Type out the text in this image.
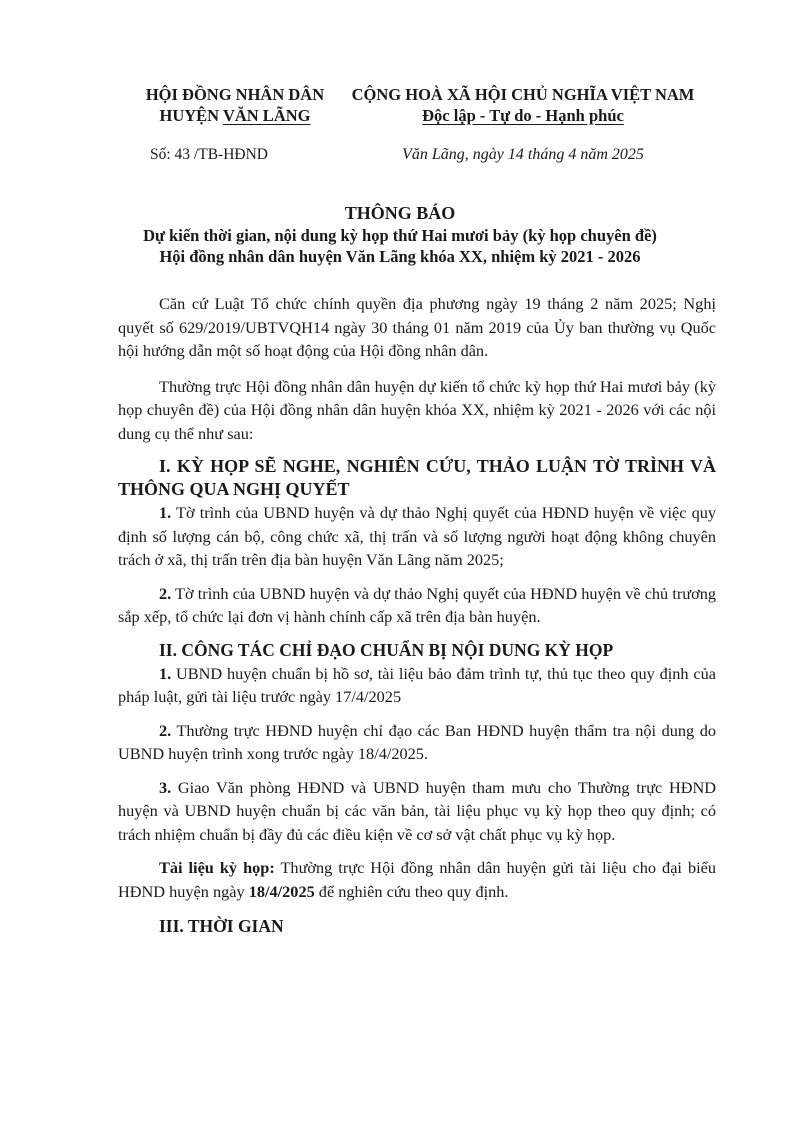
HỘI ĐỒNG NHÂN DÂN
HUYỆN VĂN LÃNG
CỘNG HOÀ XÃ HỘI CHỦ NGHĨA VIỆT NAM
Độc lập - Tự do - Hạnh phúc
Số: 43 /TB-HĐND	Văn Lãng, ngày 14 tháng 4 năm 2025
THÔNG BÁO
Dự kiến thời gian, nội dung kỳ họp thứ Hai mươi bảy (kỳ họp chuyên đề)
Hội đồng nhân dân huyện Văn Lãng khóa XX, nhiệm kỳ 2021 - 2026

Căn cứ Luật Tổ chức chính quyền địa phương ngày 19 tháng 2 năm 2025; Nghị quyết số 629/2019/UBTVQH14 ngày 30 tháng 01 năm 2019 của Ủy ban thường vụ Quốc hội hướng dẫn một số hoạt động của Hội đồng nhân dân.

Thường trực Hội đồng nhân dân huyện dự kiến tổ chức kỳ họp thứ Hai mươi bảy (kỳ họp chuyên đề) của Hội đồng nhân dân huyện khóa XX, nhiệm kỳ 2021 - 2026 với các nội dung cụ thể như sau:

I. KỲ HỌP SẼ NGHE, NGHIÊN CỨU, THẢO LUẬN TỜ TRÌNH VÀ THÔNG QUA NGHỊ QUYẾT

1. Tờ trình của UBND huyện và dự thảo Nghị quyết của HĐND huyện về việc quy định số lượng cán bộ, công chức xã, thị trấn và số lượng người hoạt động không chuyên trách ở xã, thị trấn trên địa bàn huyện Văn Lãng năm 2025;

2. Tờ trình của UBND huyện và dự thảo Nghị quyết của HĐND huyện về chủ trương sắp xếp, tổ chức lại đơn vị hành chính cấp xã trên địa bàn huyện.

II. CÔNG TÁC CHỈ ĐẠO CHUẨN BỊ NỘI DUNG KỲ HỌP

1. UBND huyện chuẩn bị hồ sơ, tài liệu bảo đảm trình tự, thủ tục theo quy định của pháp luật, gửi tài liệu trước ngày 17/4/2025

2. Thường trực HĐND huyện chỉ đạo các Ban HĐND huyện thẩm tra nội dung do UBND huyện trình xong trước ngày 18/4/2025.

3. Giao Văn phòng HĐND và UBND huyện tham mưu cho Thường trực HĐND huyện và UBND huyện chuẩn bị các văn bản, tài liệu phục vụ kỳ họp theo quy định; có trách nhiệm chuẩn bị đầy đủ các điều kiện về cơ sở vật chất phục vụ kỳ họp.

Tài liệu kỳ họp: Thường trực Hội đồng nhân dân huyện gửi tài liệu cho đại biểu HĐND huyện ngày 18/4/2025 để nghiên cứu theo quy định.

III. THỜI GIAN
